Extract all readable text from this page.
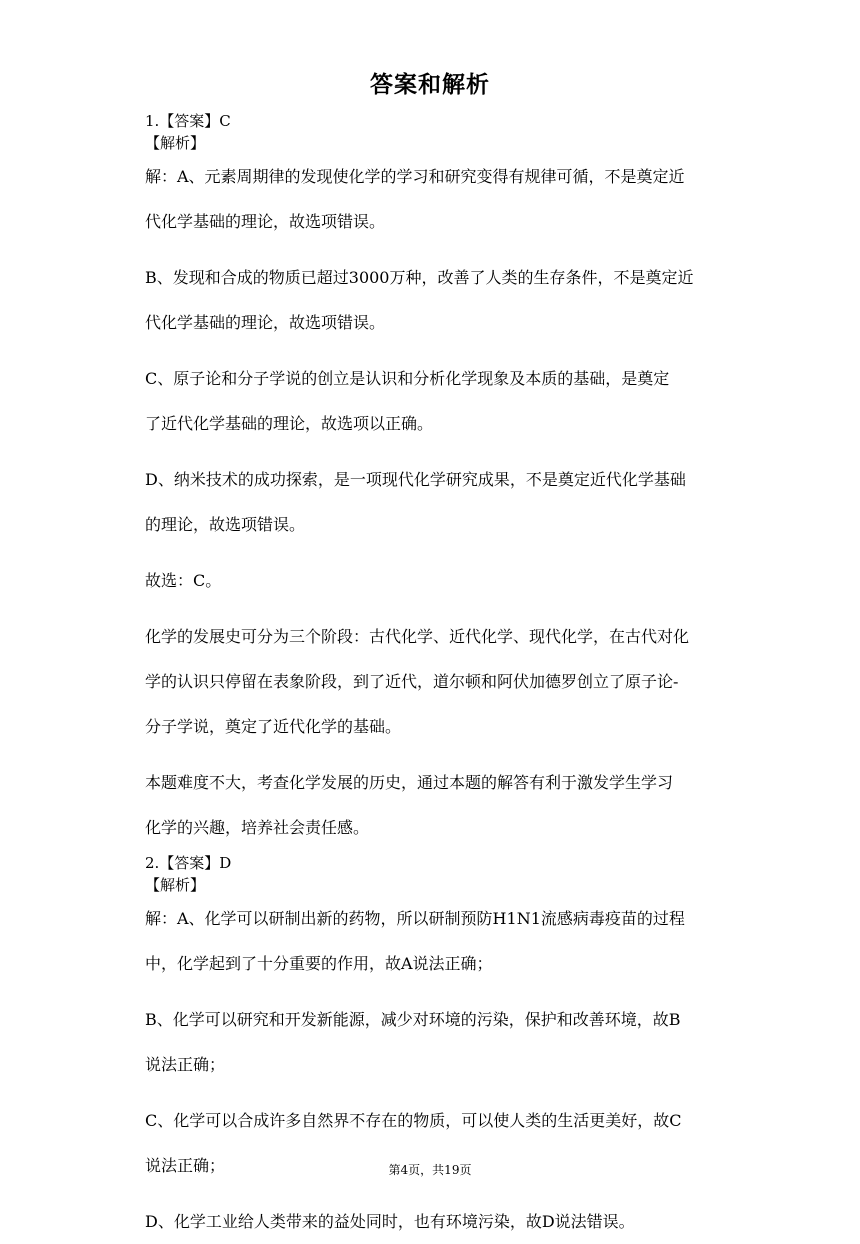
答案和解析
1.【答案】C
【解析】
解：A、元素周期律的发现使化学的学习和研究变得有规律可循，不是奠定近
代化学基础的理论，故选项错误。
B、发现和合成的物质已超过3000万种，改善了人类的生存条件，不是奠定近
代化学基础的理论，故选项错误。
C、原子论和分子学说的创立是认识和分析化学现象及本质的基础，是奠定
了近代化学基础的理论，故选项以正确。
D、纳米技术的成功探索，是一项现代化学研究成果，不是奠定近代化学基础
的理论，故选项错误。
故选：C。
化学的发展史可分为三个阶段：古代化学、近代化学、现代化学，在古代对化
学的认识只停留在表象阶段，到了近代，道尔顿和阿伏加德罗创立了原子论-
分子学说，奠定了近代化学的基础。
本题难度不大，考查化学发展的历史，通过本题的解答有利于激发学生学习
化学的兴趣，培养社会责任感。
2.【答案】D
【解析】
解：A、化学可以研制出新的药物，所以研制预防H1N1流感病毒疫苗的过程
中，化学起到了十分重要的作用，故A说法正确；
B、化学可以研究和开发新能源，减少对环境的污染，保护和改善环境，故B
说法正确；
C、化学可以合成许多自然界不存在的物质，可以使人类的生活更美好，故C
说法正确；
D、化学工业给人类带来的益处同时，也有环境污染，故D说法错误。
第4页，共19页
